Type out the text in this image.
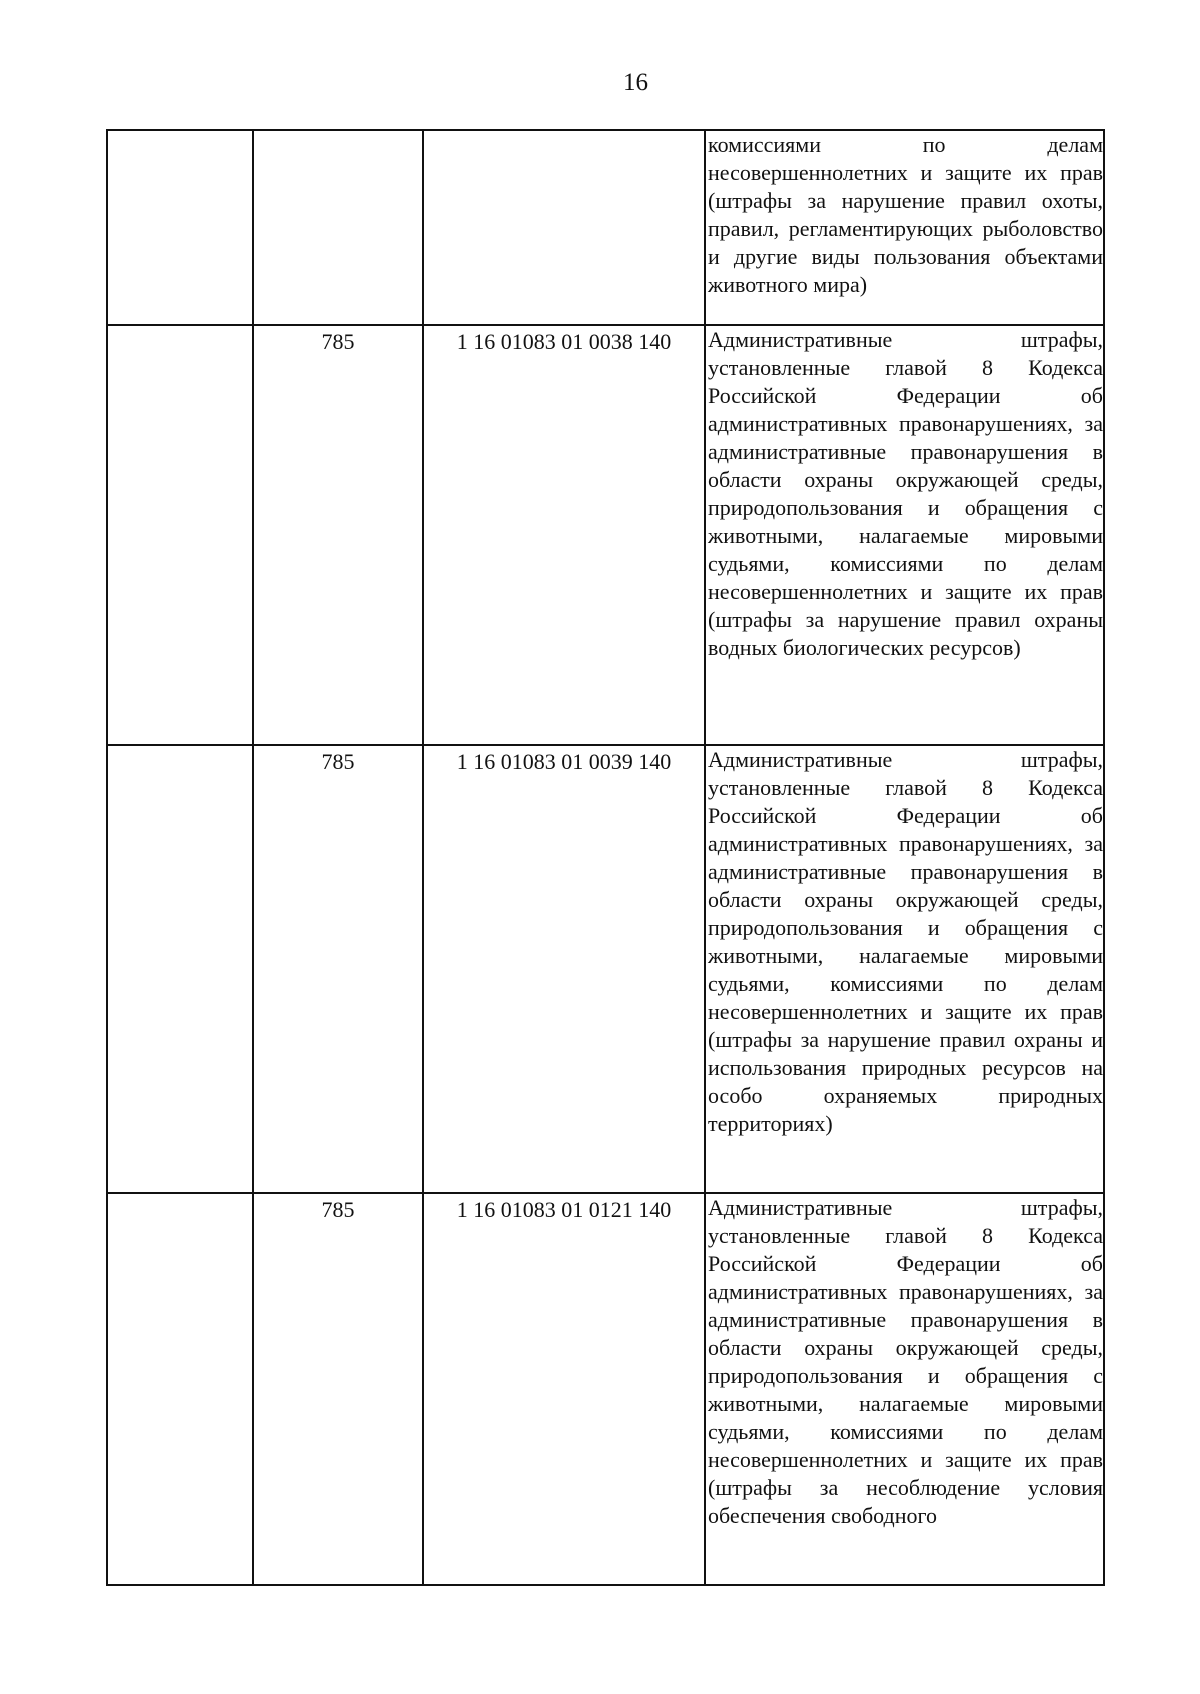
16

			комиссиями по делам несовершеннолетних и защите их прав (штрафы за нарушение правил охоты, правил, регламентирующих рыболовство и другие виды пользования объектами животного мира)

	785	1 16 01083 01 0038 140	Административные штрафы, установленные главой 8 Кодекса Российской Федерации об административных правонарушениях, за административные правонарушения в области охраны окружающей среды, природопользования и обращения с животными, налагаемые мировыми судьями, комиссиями по делам несовершеннолетних и защите их прав (штрафы за нарушение правил охраны водных биологических ресурсов)

	785	1 16 01083 01 0039 140	Административные штрафы, установленные главой 8 Кодекса Российской Федерации об административных правонарушениях, за административные правонарушения в области охраны окружающей среды, природопользования и обращения с животными, налагаемые мировыми судьями, комиссиями по делам несовершеннолетних и защите их прав (штрафы за нарушение правил охраны и использования природных ресурсов на особо охраняемых природных территориях)

	785	1 16 01083 01 0121 140	Административные штрафы, установленные главой 8 Кодекса Российской Федерации об административных правонарушениях, за административные правонарушения в области охраны окружающей среды, природопользования и обращения с животными, налагаемые мировыми судьями, комиссиями по делам несовершеннолетних и защите их прав (штрафы за несоблюдение условия обеспечения свободного
